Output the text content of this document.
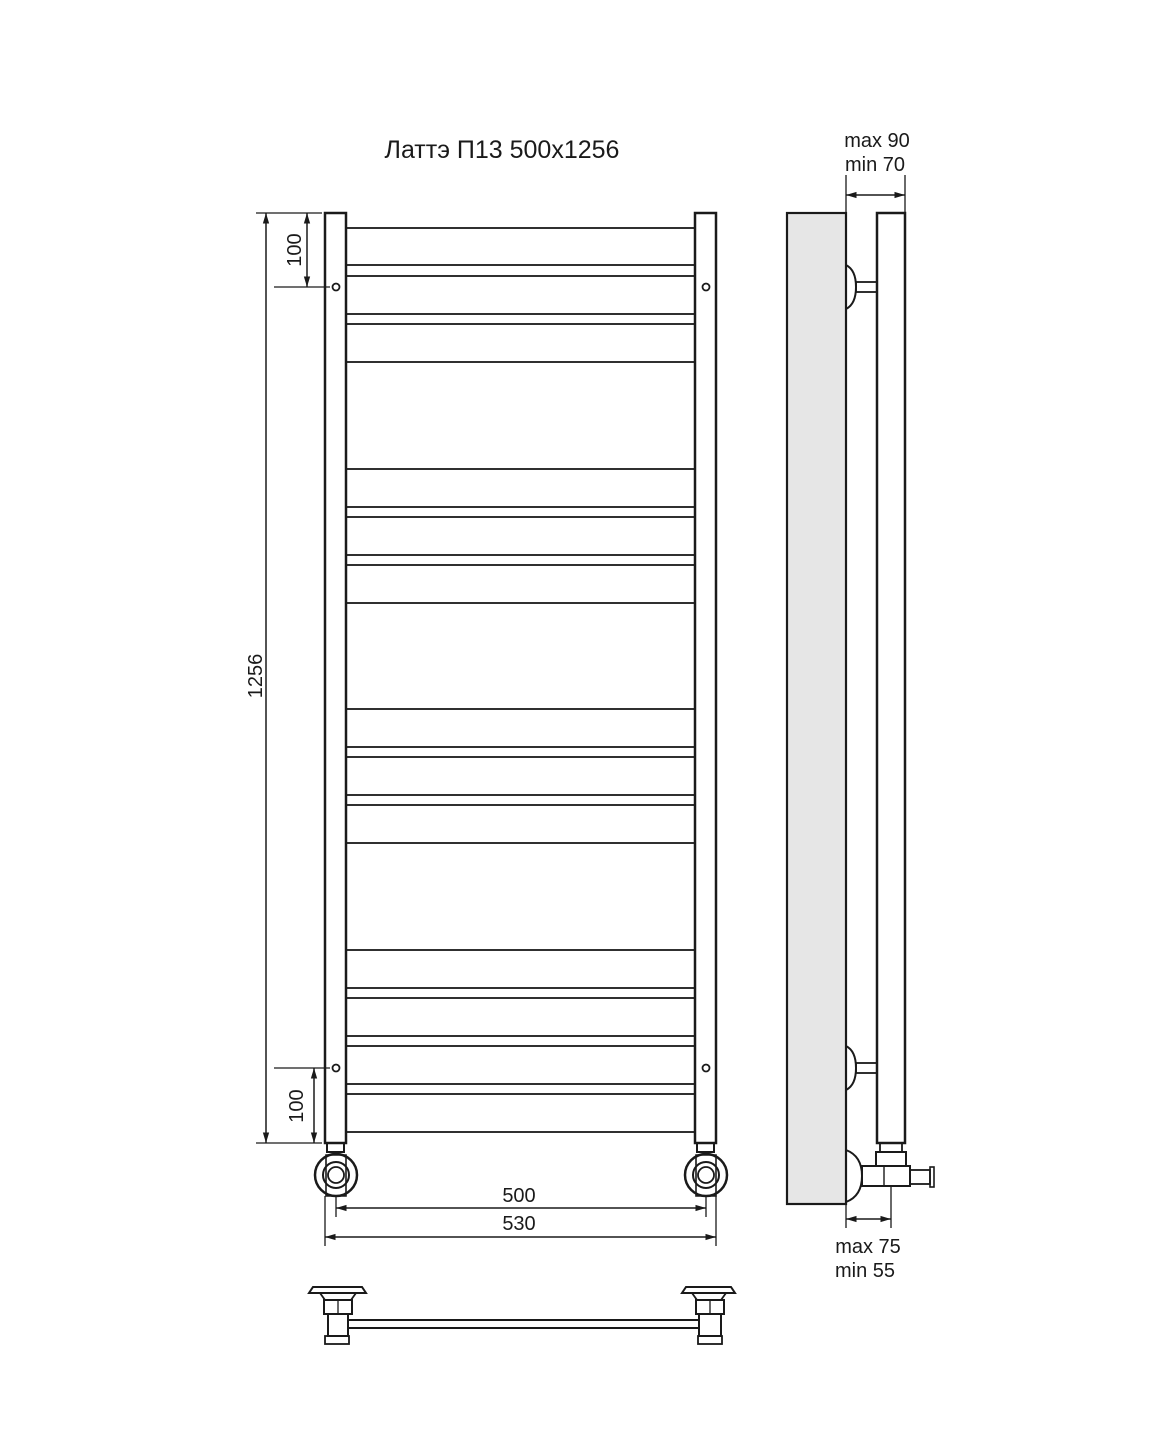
Латтэ П13 500x1256
1256
100
100
500
530
max 90
min 70
max 75
min 55
